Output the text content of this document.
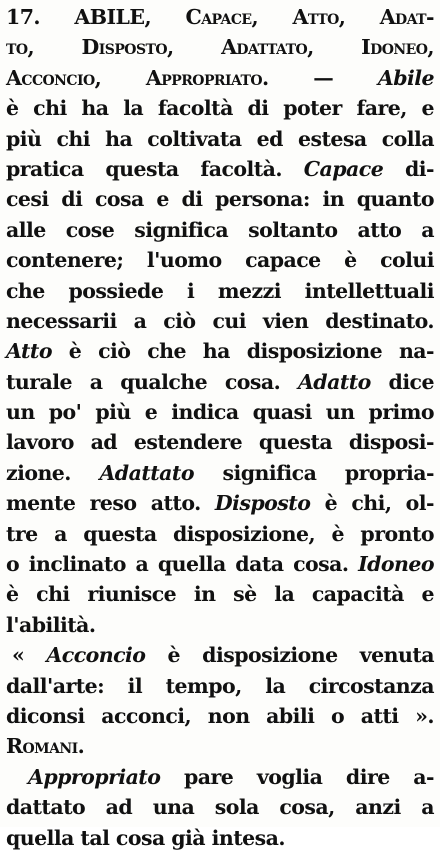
17. ABILE, Capace, Atto, Adat-
to, Disposto, Adattato, Idoneo,
Acconcio, Appropriato. — Abile
è chi ha la facoltà di poter fare, e
più chi ha coltivata ed estesa colla
pratica questa facoltà. Capace di-
cesi di cosa e di persona: in quanto
alle cose significa soltanto atto a
contenere; l'uomo capace è colui
che possiede i mezzi intellettuali
necessarii a ciò cui vien destinato.
Atto è ciò che ha disposizione na-
turale a qualche cosa. Adatto dice
un po' più e indica quasi un primo
lavoro ad estendere questa disposi-
zione. Adattato significa propria-
mente reso atto. Disposto è chi, ol-
tre a questa disposizione, è pronto
o inclinato a quella data cosa. Idoneo
è chi riunisce in sè la capacità e
l'abilità.
« Acconcio è disposizione venuta
dall'arte: il tempo, la circostanza
diconsi acconci, non abili o atti ».
Romani.
Appropriato pare voglia dire a-
dattato ad una sola cosa, anzi a
quella tal cosa già intesa.
